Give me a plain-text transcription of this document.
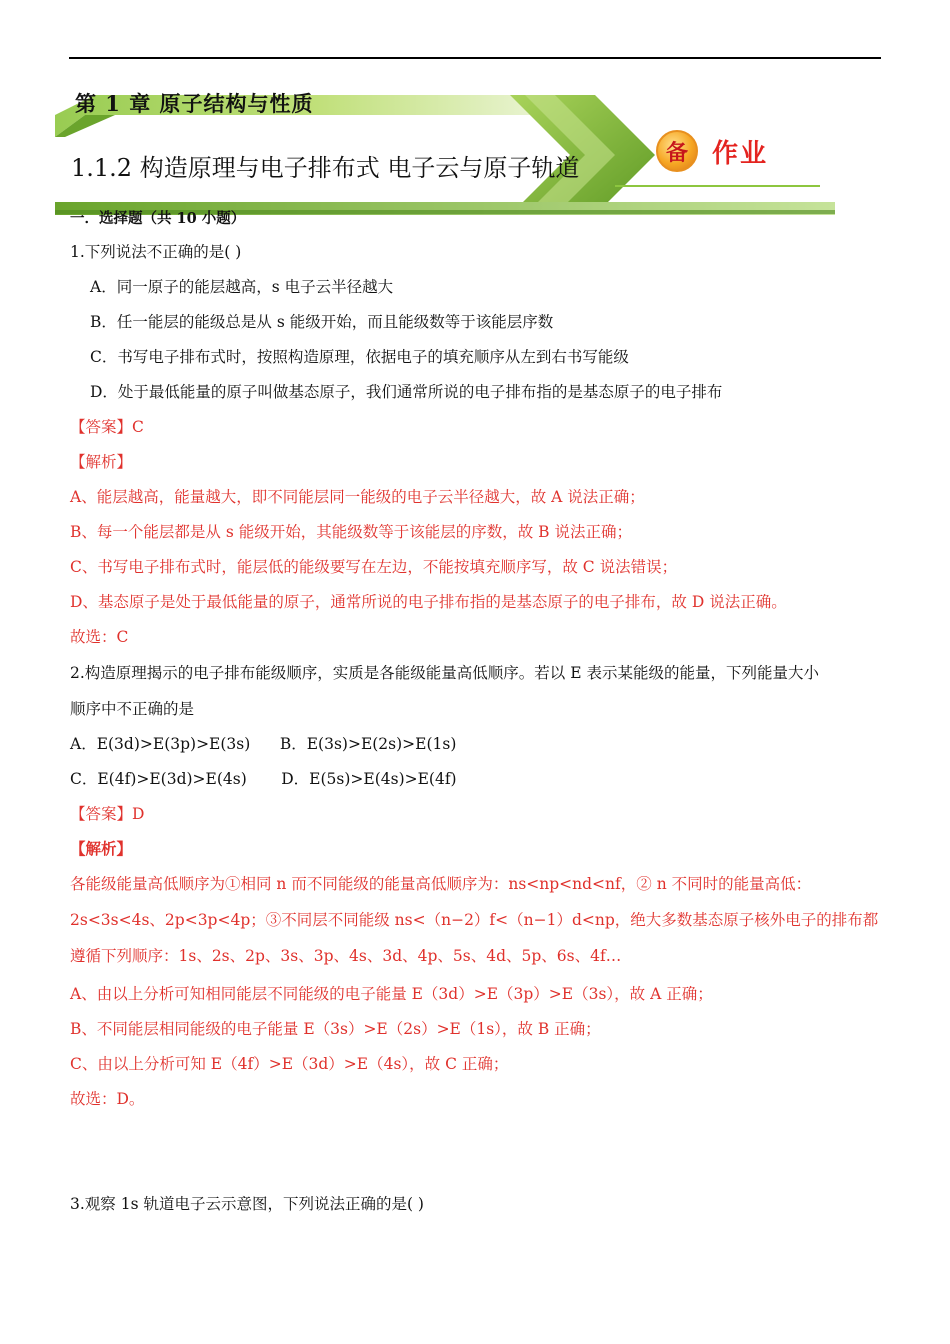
第 1 章 原子结构与性质
1.1.2 构造原理与电子排布式 电子云与原子轨道
备 作业
一．选择题（共 10 小题）
1.下列说法不正确的是( )
A．同一原子的能层越高，s 电子云半径越大
B．任一能层的能级总是从 s 能级开始，而且能级数等于该能层序数
C．书写电子排布式时，按照构造原理，依据电子的填充顺序从左到右书写能级
D．处于最低能量的原子叫做基态原子，我们通常所说的电子排布指的是基态原子的电子排布
【答案】C
【解析】
A、能层越高，能量越大，即不同能层同一能级的电子云半径越大，故 A 说法正确；
B、每一个能层都是从 s 能级开始，其能级数等于该能层的序数，故 B 说法正确；
C、书写电子排布式时，能层低的能级要写在左边，不能按填充顺序写，故 C 说法错误；
D、基态原子是处于最低能量的原子，通常所说的电子排布指的是基态原子的电子排布，故 D 说法正确。
故选：C
2.构造原理揭示的电子排布能级顺序，实质是各能级能量高低顺序。若以 E 表示某能级的能量，下列能量大小
顺序中不正确的是
A．E(3d)>E(3p)>E(3s)      B．E(3s)>E(2s)>E(1s)
C．E(4f)>E(3d)>E(4s)       D．E(5s)>E(4s)>E(4f)
【答案】D
【解析】
各能级能量高低顺序为①相同 n 而不同能级的能量高低顺序为：ns<np<nd<nf，② n 不同时的能量高低：2s<3s<4s、2p<3p<4p；③不同层不同能级 ns<（n−2）f<（n−1）d<np，绝大多数基态原子核外电子的排布都遵循下列顺序：1s、2s、2p、3s、3p、4s、3d、4p、5s、4d、5p、6s、4f…
A、由以上分析可知相同能层不同能级的电子能量 E（3d）>E（3p）>E（3s），故 A 正确；
B、不同能层相同能级的电子能量 E（3s）>E（2s）>E（1s），故 B 正确；
C、由以上分析可知 E（4f）>E（3d）>E（4s），故 C 正确；
故选：D。
3.观察 1s 轨道电子云示意图，下列说法正确的是( )
